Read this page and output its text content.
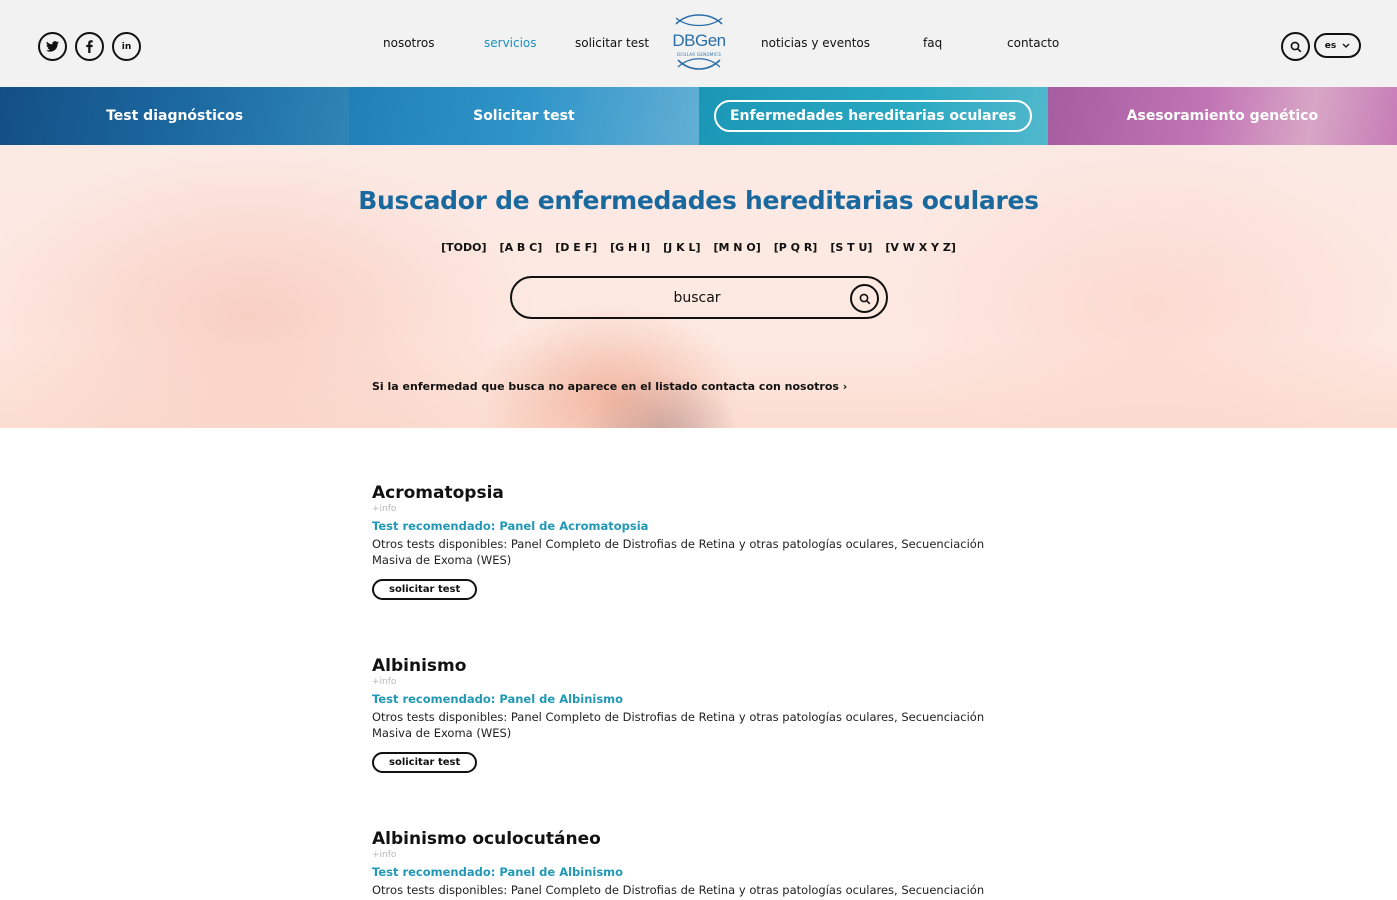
in	nosotros	servicios	solicitar test	noticias y eventos	faq	contacto
DBGen
OCULAR GENOMICS
es
Test diagnósticos	Solicitar test	Enfermedades hereditarias oculares	Asesoramiento genético
Buscador de enfermedades hereditarias oculares
[TODO] [A B C] [D E F] [G H I] [J K L] [M N O] [P Q R] [S T U] [V W X Y Z]
buscar
Si la enfermedad que busca no aparece en el listado contacta con nosotros ›
Acromatopsia
+info
Test recomendado: Panel de Acromatopsia
Otros tests disponibles: Panel Completo de Distrofias de Retina y otras patologías oculares, Secuenciación Masiva de Exoma (WES)
solicitar test
Albinismo
+info
Test recomendado: Panel de Albinismo
Otros tests disponibles: Panel Completo de Distrofias de Retina y otras patologías oculares, Secuenciación Masiva de Exoma (WES)
solicitar test
Albinismo oculocutáneo
+info
Test recomendado: Panel de Albinismo
Otros tests disponibles: Panel Completo de Distrofias de Retina y otras patologías oculares, Secuenciación
